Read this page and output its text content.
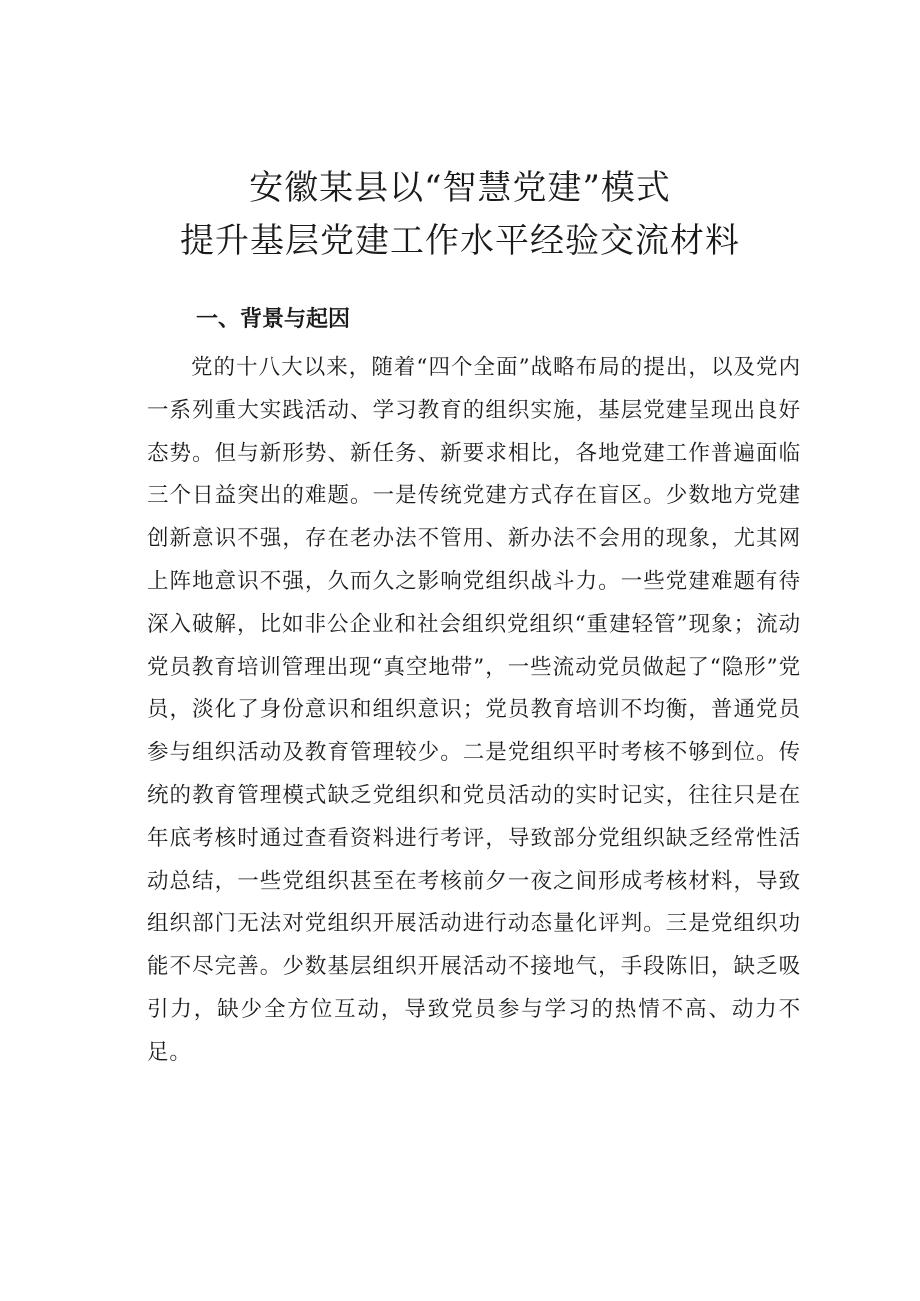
安徽某县以“智慧党建”模式
提升基层党建工作水平经验交流材料
一、背景与起因

党的十八大以来，随着“四个全面”战略布局的提出，以及党内一系列重大实践活动、学习教育的组织实施，基层党建呈现出良好态势。但与新形势、新任务、新要求相比，各地党建工作普遍面临三个日益突出的难题。一是传统党建方式存在盲区。少数地方党建创新意识不强，存在老办法不管用、新办法不会用的现象，尤其网上阵地意识不强，久而久之影响党组织战斗力。一些党建难题有待深入破解，比如非公企业和社会组织党组织“重建轻管”现象；流动党员教育培训管理出现“真空地带”，一些流动党员做起了“隐形”党员，淡化了身份意识和组织意识；党员教育培训不均衡，普通党员参与组织活动及教育管理较少。二是党组织平时考核不够到位。传统的教育管理模式缺乏党组织和党员活动的实时记实，往往只是在年底考核时通过查看资料进行考评，导致部分党组织缺乏经常性活动总结，一些党组织甚至在考核前夕一夜之间形成考核材料，导致组织部门无法对党组织开展活动进行动态量化评判。三是党组织功能不尽完善。少数基层组织开展活动不接地气，手段陈旧，缺乏吸引力，缺少全方位互动，导致党员参与学习的热情不高、动力不足。
